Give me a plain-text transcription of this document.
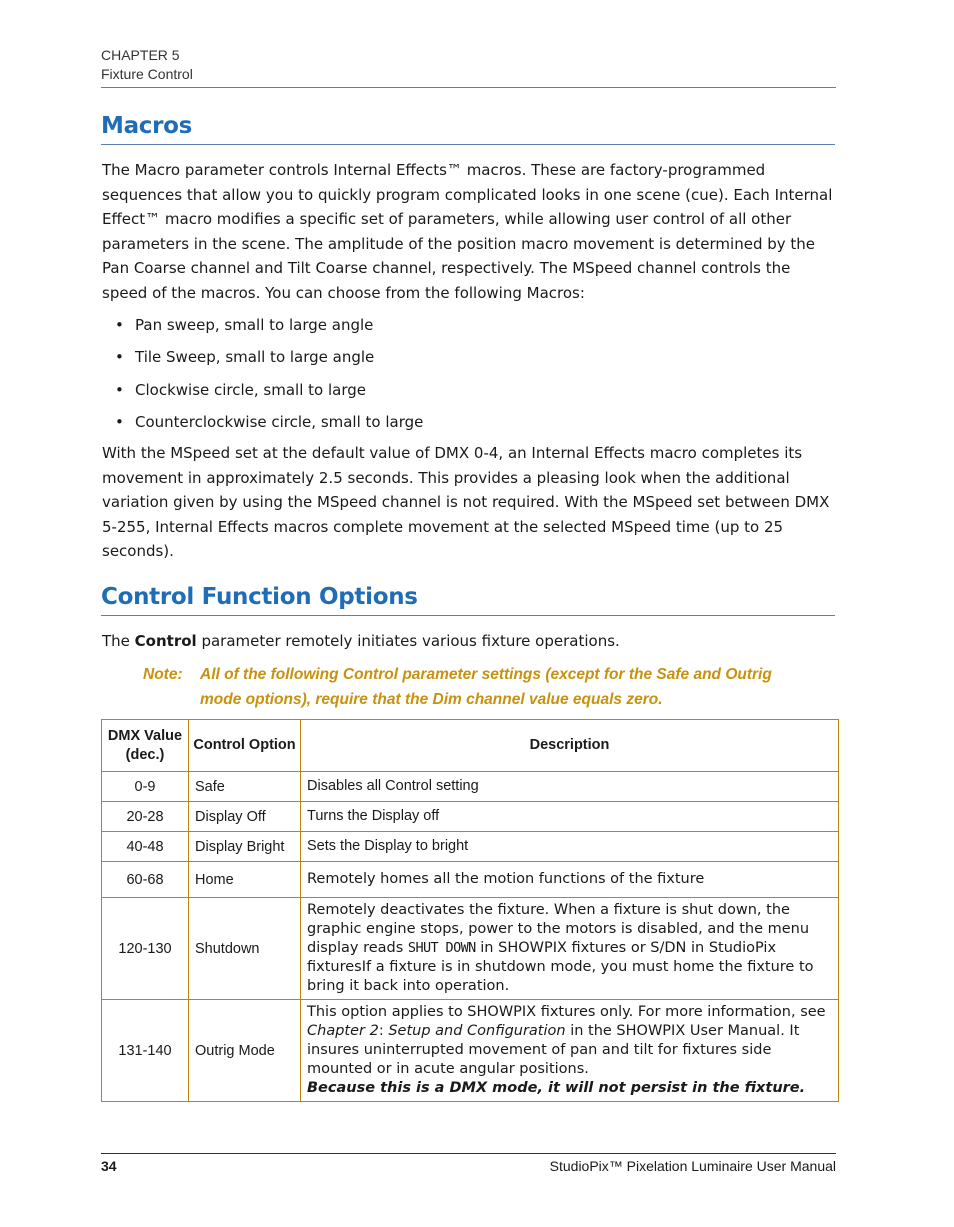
CHAPTER 5
Fixture Control
Macros

The Macro parameter controls Internal Effects™ macros. These are factory-programmed sequences that allow you to quickly program complicated looks in one scene (cue). Each Internal Effect™ macro modifies a specific set of parameters, while allowing user control of all other parameters in the scene. The amplitude of the position macro movement is determined by the Pan Coarse channel and Tilt Coarse channel, respectively. The MSpeed channel controls the speed of the macros. You can choose from the following Macros:

• Pan sweep, small to large angle
• Tile Sweep, small to large angle
• Clockwise circle, small to large
• Counterclockwise circle, small to large

With the MSpeed set at the default value of DMX 0-4, an Internal Effects macro completes its movement in approximately 2.5 seconds. This provides a pleasing look when the additional variation given by using the MSpeed channel is not required. With the MSpeed set between DMX 5-255, Internal Effects macros complete movement at the selected MSpeed time (up to 25 seconds).

Control Function Options

The Control parameter remotely initiates various fixture operations.

Note: All of the following Control parameter settings (except for the Safe and Outrig mode options), require that the Dim channel value equals zero.
DMX Value (dec.)	Control Option	Description
0-9	Safe	Disables all Control setting
20-28	Display Off	Turns the Display off
40-48	Display Bright	Sets the Display to bright
60-68	Home	Remotely homes all the motion functions of the fixture
120-130	Shutdown	Remotely deactivates the fixture. When a fixture is shut down, the graphic engine stops, power to the motors is disabled, and the menu display reads SHUT DOWN in SHOWPIX fixtures or S/DN in StudioPix fixturesIf a fixture is in shutdown mode, you must home the fixture to bring it back into operation.
131-140	Outrig Mode	This option applies to SHOWPIX fixtures only. For more information, see Chapter 2: Setup and Configuration in the SHOWPIX User Manual. It insures uninterrupted movement of pan and tilt for fixtures side mounted or in acute angular positions.
Because this is a DMX mode, it will not persist in the fixture.
34	StudioPix™ Pixelation Luminaire User Manual
